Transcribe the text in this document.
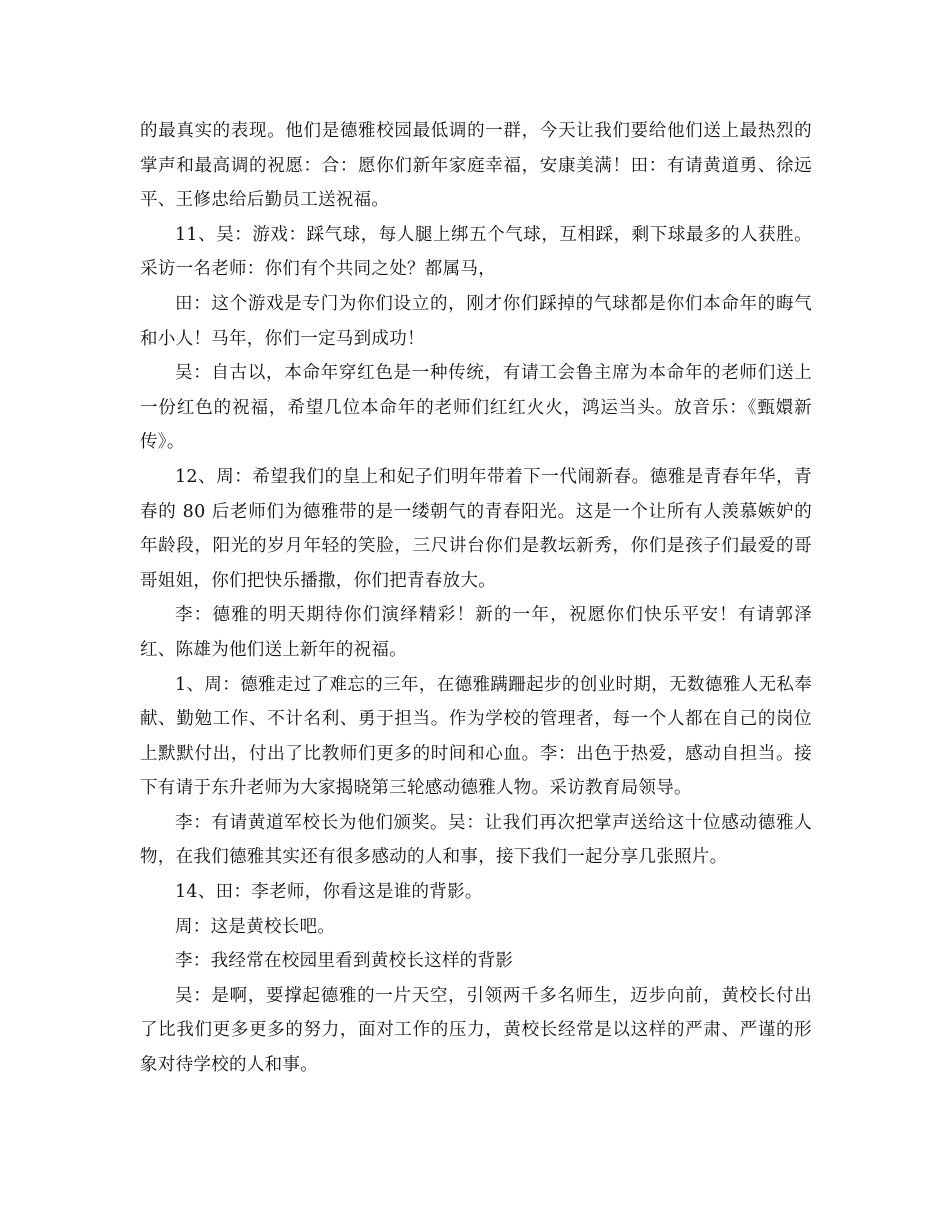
的最真实的表现。他们是德雅校园最低调的一群，今天让我们要给他们送上最热烈的掌声和最高调的祝愿：合：愿你们新年家庭幸福，安康美满！田：有请黄道勇、徐远平、王修忠给后勤员工送祝福。

11、吴：游戏：踩气球，每人腿上绑五个气球，互相踩，剩下球最多的人获胜。采访一名老师：你们有个共同之处？都属马，

田：这个游戏是专门为你们设立的，刚才你们踩掉的气球都是你们本命年的晦气和小人！马年，你们一定马到成功！

吴：自古以，本命年穿红色是一种传统，有请工会鲁主席为本命年的老师们送上一份红色的祝福，希望几位本命年的老师们红红火火，鸿运当头。放音乐：《甄嬛新传》。

12、周：希望我们的皇上和妃子们明年带着下一代闹新春。德雅是青春年华，青春的 80 后老师们为德雅带的是一缕朝气的青春阳光。这是一个让所有人羡慕嫉妒的年龄段，阳光的岁月年轻的笑脸，三尺讲台你们是教坛新秀，你们是孩子们最爱的哥哥姐姐，你们把快乐播撒，你们把青春放大。

李：德雅的明天期待你们演绎精彩！新的一年，祝愿你们快乐平安！有请郭泽红、陈雄为他们送上新年的祝福。

1、周：德雅走过了难忘的三年，在德雅蹒跚起步的创业时期，无数德雅人无私奉献、勤勉工作、不计名利、勇于担当。作为学校的管理者，每一个人都在自己的岗位上默默付出，付出了比教师们更多的时间和心血。李：出色于热爱，感动自担当。接下有请于东升老师为大家揭晓第三轮感动德雅人物。采访教育局领导。

李：有请黄道军校长为他们颁奖。吴：让我们再次把掌声送给这十位感动德雅人物，在我们德雅其实还有很多感动的人和事，接下我们一起分享几张照片。

14、田：李老师，你看这是谁的背影。

周：这是黄校长吧。

李：我经常在校园里看到黄校长这样的背影

吴：是啊，要撑起德雅的一片天空，引领两千多名师生，迈步向前，黄校长付出了比我们更多更多的努力，面对工作的压力，黄校长经常是以这样的严肃、严谨的形象对待学校的人和事。
